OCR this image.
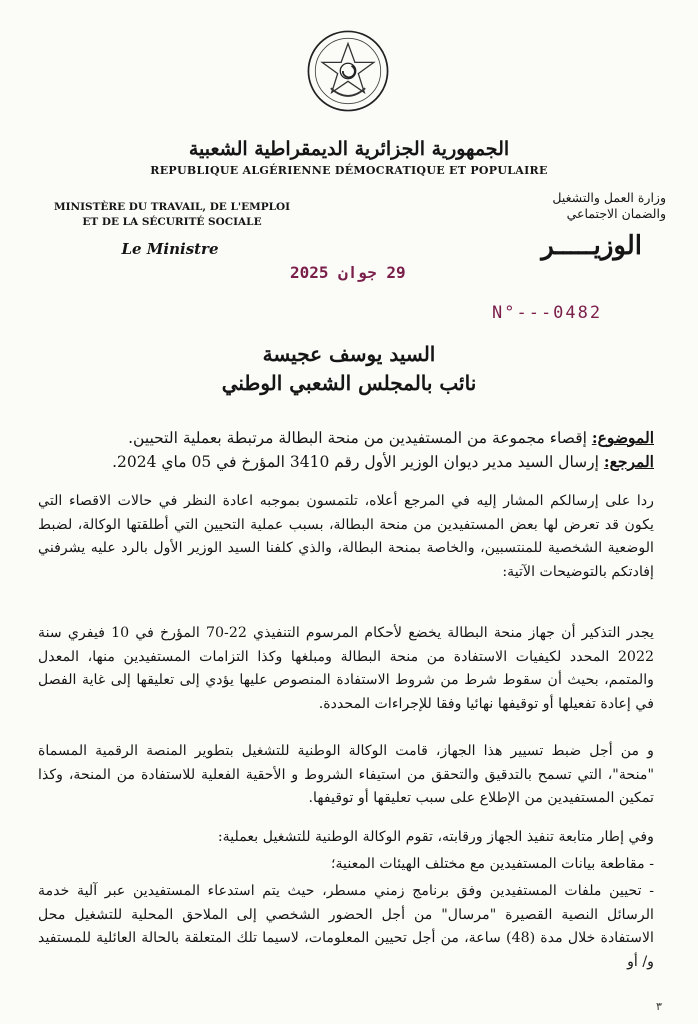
الجمهورية الجزائرية الديمقراطية الشعبية
REPUBLIQUE ALGÉRIENNE DÉMOCRATIQUE ET POPULAIRE
MINISTÈRE DU TRAVAIL, DE L'EMPLOI
ET DE LA SÉCURITÉ SOCIALE
Le Ministre
وزارة العمل والتشغيل
والضمان الاجتماعي
الوزيـــــر
29 جوان 2025
N°---0482
السيد يوسف عجيسة
نائب بالمجلس الشعبي الوطني
الموضوع: إقصاء مجموعة من المستفيدين من منحة البطالة مرتبطة بعملية التحيين.
المرجع: إرسال السيد مدير ديوان الوزير الأول رقم 3410 المؤرخ في 05 ماي 2024.
ردا على إرسالكم المشار إليه في المرجع أعلاه، تلتمسون بموجبه اعادة النظر في حالات الاقصاء التي يكون قد تعرض لها بعض المستفيدين من منحة البطالة، بسبب عملية التحيين التي أطلقتها الوكالة، لضبط الوضعية الشخصية للمنتسبين، والخاصة بمنحة البطالة، والذي كلفنا السيد الوزير الأول بالرد عليه يشرفني إفادتكم بالتوضيحات الآتية:
يجدر التذكير أن جهاز منحة البطالة يخضع لأحكام المرسوم التنفيذي 22-70 المؤرخ في 10 فيفري سنة 2022 المحدد لكيفيات الاستفادة من منحة البطالة ومبلغها وكذا التزامات المستفيدين منها، المعدل والمتمم، بحيث أن سقوط شرط من شروط الاستفادة المنصوص عليها يؤدي إلى تعليقها إلى غاية الفصل في إعادة تفعيلها أو توقيفها نهائيا وفقا للإجراءات المحددة.
و من أجل ضبط تسيير هذا الجهاز، قامت الوكالة الوطنية للتشغيل بتطوير المنصة الرقمية المسماة "منحة"، التي تسمح بالتدقيق والتحقق من استيفاء الشروط و الأحقية الفعلية للاستفادة من المنحة، وكذا تمكين المستفيدين من الإطلاع على سبب تعليقها أو توقيفها.
وفي إطار متابعة تنفيذ الجهاز ورقابته، تقوم الوكالة الوطنية للتشغيل بعملية:
- مقاطعة بيانات المستفيدين مع مختلف الهيئات المعنية؛
- تحيين ملفات المستفيدين وفق برنامج زمني مسطر، حيث يتم استدعاء المستفيدين عبر آلية خدمة الرسائل النصية القصيرة "مرسال" من أجل الحضور الشخصي إلى الملاحق المحلية للتشغيل محل الاستفادة خلال مدة (48) ساعة، من أجل تحيين المعلومات، لاسيما تلك المتعلقة بالحالة العائلية للمستفيد و/ أو
٣
